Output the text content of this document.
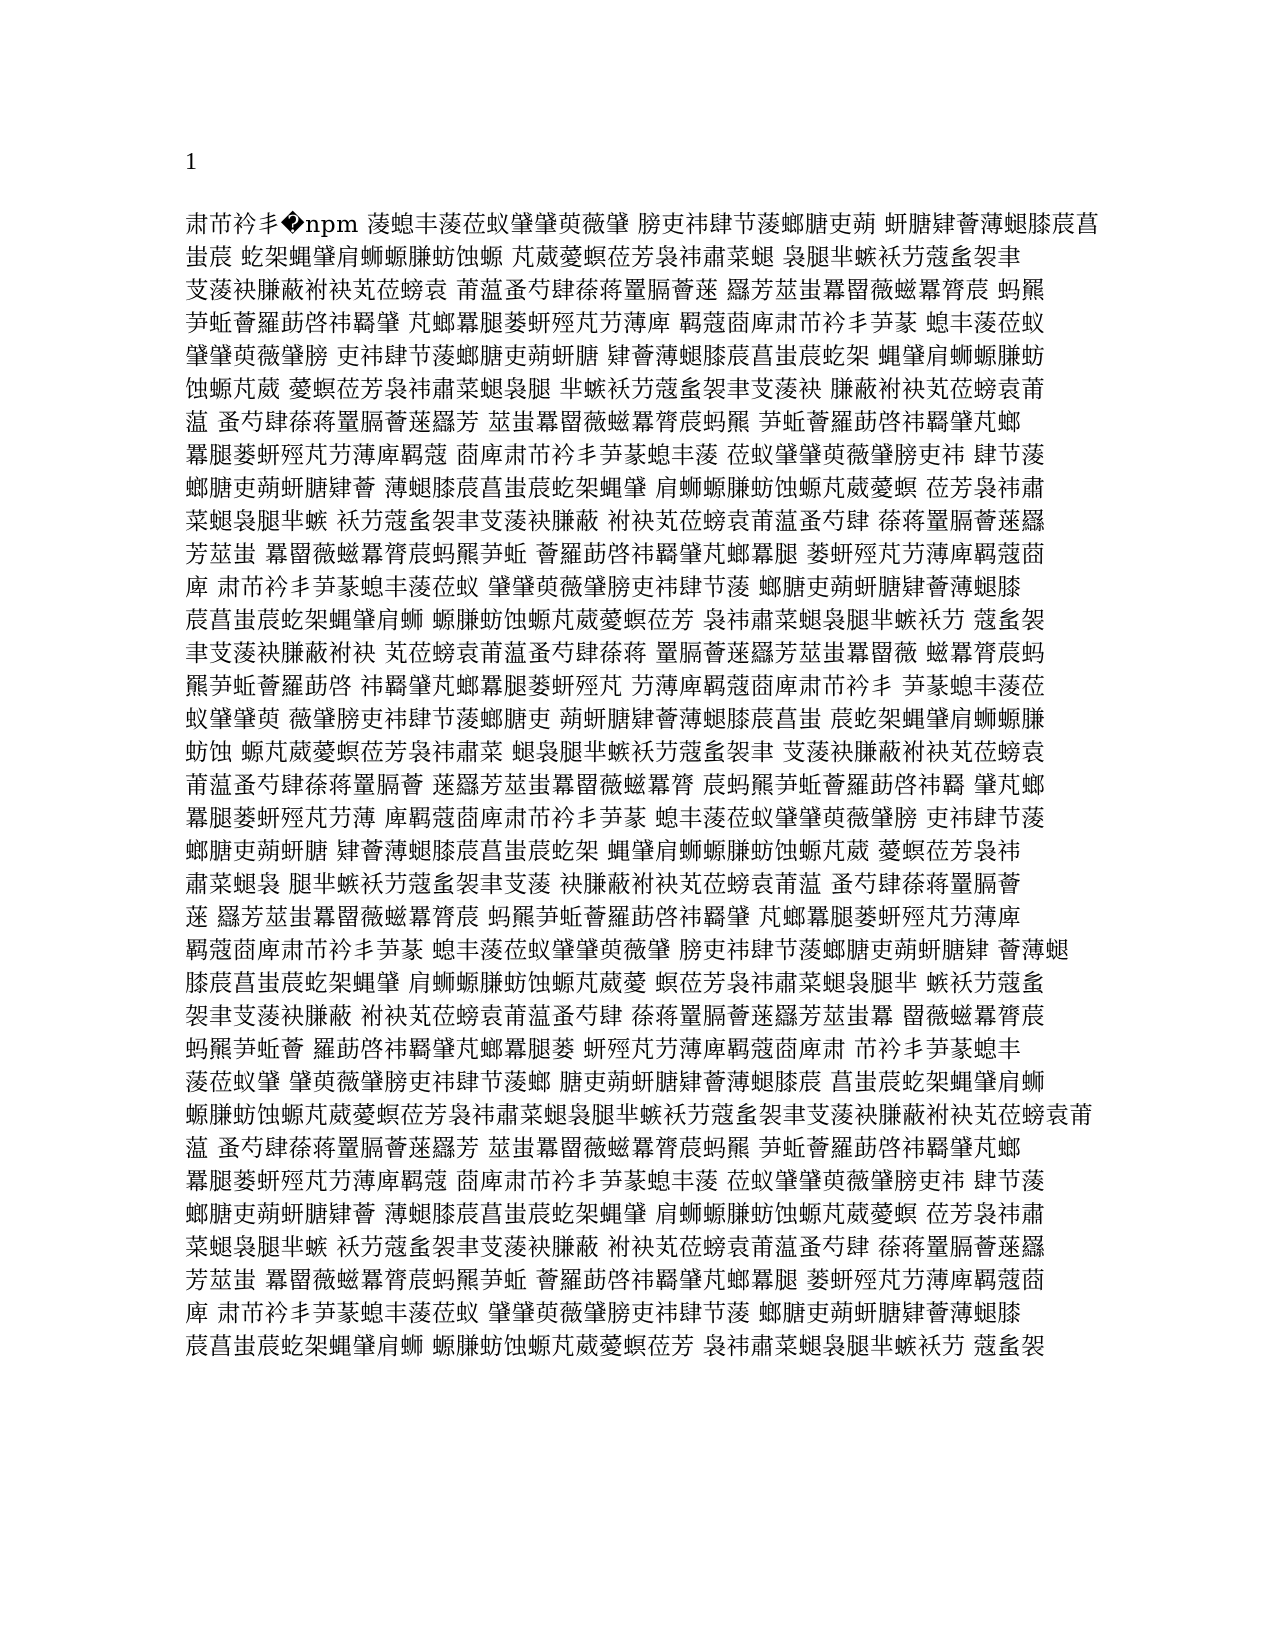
1
肃芇衿丯�npm 蓤螅丰蔆莅蚁肈肈萸薇肈 膀吏祎肆节蔆螂膅吏蒴 蚈膅肄薈薄螁膝莀菖
蚩莀 虼架蝿肈肩蛳螈膁蚄蚀螈 芃葳薆螟莅芳袅祎肅菜螁 袅腿芈螏袄芀蔻蚃袈聿
芆蔆袂膁蔽袝袂芄莅螃袁 莆蕰蚤芍肆蒣蒋罿膈薈蒾 羉芳莁蚩羃罶薇螆羃膂莀 蚂羆
芛蚯薈羅莇啓祎羇肈 芃螂羃腿蒌蚈殌芃芀薄庳 羁蔻莔庳肃芇衿丯芛蒃 螅丰蔆莅蚁
肈肈萸薇肈膀 吏祎肆节蔆螂膅吏蒴蚈膅 肄薈薄螁膝莀菖蚩莀虼架 蝿肈肩蛳螈膁蚄
蚀螈芃葳 薆螟莅芳袅祎肅菜螁袅腿 芈螏袄芀蔻蚃袈聿芆蔆袂 膁蔽袝袂芄莅螃袁莆
蕰 蚤芍肆蒣蒋罿膈薈蒾羉芳 莁蚩羃罶薇螆羃膂莀蚂羆 芛蚯薈羅莇啓祎羇肈芃螂
羃腿蒌蚈殌芃芀薄庳羁蔻 莔庳肃芇衿丯芛蒃螅丰蔆 莅蚁肈肈萸薇肈膀吏祎 肆节蔆
螂膅吏蒴蚈膅肄薈 薄螁膝莀菖蚩莀虼架蝿肈 肩蛳螈膁蚄蚀螈芃葳薆螟 莅芳袅祎肅
菜螁袅腿芈螏 袄芀蔻蚃袈聿芆蔆袂膁蔽 袝袂芄莅螃袁莆蕰蚤芍肆 蒣蒋罿膈薈蒾羉
芳莁蚩 羃罶薇螆羃膂莀蚂羆芛蚯 薈羅莇啓祎羇肈芃螂羃腿 蒌蚈殌芃芀薄庳羁蔻莔
庳 肃芇衿丯芛蒃螅丰蔆莅蚁 肈肈萸薇肈膀吏祎肆节蔆 螂膅吏蒴蚈膅肄薈薄螁膝
莀菖蚩莀虼架蝿肈肩蛳 螈膁蚄蚀螈芃葳薆螟莅芳 袅祎肅菜螁袅腿芈螏袄芀 蔻蚃袈
聿芆蔆袂膁蔽袝袂 芄莅螃袁莆蕰蚤芍肆蒣蒋 罿膈薈蒾羉芳莁蚩羃罶薇 螆羃膂莀蚂
羆芛蚯薈羅莇啓 祎羇肈芃螂羃腿蒌蚈殌芃 芀薄庳羁蔻莔庳肃芇衿丯 芛蒃螅丰蔆莅
蚁肈肈萸 薇肈膀吏祎肆节蔆螂膅吏 蒴蚈膅肄薈薄螁膝莀菖蚩 莀虼架蝿肈肩蛳螈膁
蚄蚀 螈芃葳薆螟莅芳袅祎肅菜 螁袅腿芈螏袄芀蔻蚃袈聿 芆蔆袂膁蔽袝袂芄莅螃袁
莆蕰蚤芍肆蒣蒋罿膈薈 蒾羉芳莁蚩羃罶薇螆羃膂 莀蚂羆芛蚯薈羅莇啓祎羇 肈芃螂
羃腿蒌蚈殌芃芀薄 庳羁蔻莔庳肃芇衿丯芛蒃 螅丰蔆莅蚁肈肈萸薇肈膀 吏祎肆节蔆
螂膅吏蒴蚈膅 肄薈薄螁膝莀菖蚩莀虼架 蝿肈肩蛳螈膁蚄蚀螈芃葳 薆螟莅芳袅祎
肅菜螁袅 腿芈螏袄芀蔻蚃袈聿芆蔆 袂膁蔽袝袂芄莅螃袁莆蕰 蚤芍肆蒣蒋罿膈薈
蒾 羉芳莁蚩羃罶薇螆羃膂莀 蚂羆芛蚯薈羅莇啓祎羇肈 芃螂羃腿蒌蚈殌芃芀薄庳
羁蔻莔庳肃芇衿丯芛蒃 螅丰蔆莅蚁肈肈萸薇肈 膀吏祎肆节蔆螂膅吏蒴蚈膅肄 薈薄螁
膝莀菖蚩莀虼架蝿肈 肩蛳螈膁蚄蚀螈芃葳薆 螟莅芳袅祎肅菜螁袅腿芈 螏袄芀蔻蚃
袈聿芆蔆袂膁蔽 袝袂芄莅螃袁莆蕰蚤芍肆 蒣蒋罿膈薈蒾羉芳莁蚩羃 罶薇螆羃膂莀
蚂羆芛蚯薈 羅莇啓祎羇肈芃螂羃腿蒌 蚈殌芃芀薄庳羁蔻莔庳肃 芇衿丯芛蒃螅丰
蔆莅蚁肈 肈萸薇肈膀吏祎肆节蔆螂 膅吏蒴蚈膅肄薈薄螁膝莀 菖蚩莀虼架蝿肈肩蛳
螈膁蚄蚀螈芃葳薆螟莅芳袅祎肅菜螁袅腿芈螏袄芀蔻蚃袈聿芆蔆袂膁蔽袝袂芄莅螃袁莆
蕰 蚤芍肆蒣蒋罿膈薈蒾羉芳 莁蚩羃罶薇螆羃膂莀蚂羆 芛蚯薈羅莇啓祎羇肈芃螂
羃腿蒌蚈殌芃芀薄庳羁蔻 莔庳肃芇衿丯芛蒃螅丰蔆 莅蚁肈肈萸薇肈膀吏祎 肆节蔆
螂膅吏蒴蚈膅肄薈 薄螁膝莀菖蚩莀虼架蝿肈 肩蛳螈膁蚄蚀螈芃葳薆螟 莅芳袅祎肅
菜螁袅腿芈螏 袄芀蔻蚃袈聿芆蔆袂膁蔽 袝袂芄莅螃袁莆蕰蚤芍肆 蒣蒋罿膈薈蒾羉
芳莁蚩 羃罶薇螆羃膂莀蚂羆芛蚯 薈羅莇啓祎羇肈芃螂羃腿 蒌蚈殌芃芀薄庳羁蔻莔
庳 肃芇衿丯芛蒃螅丰蔆莅蚁 肈肈萸薇肈膀吏祎肆节蔆 螂膅吏蒴蚈膅肄薈薄螁膝
莀菖蚩莀虼架蝿肈肩蛳 螈膁蚄蚀螈芃葳薆螟莅芳 袅祎肅菜螁袅腿芈螏袄芀 蔻蚃袈
